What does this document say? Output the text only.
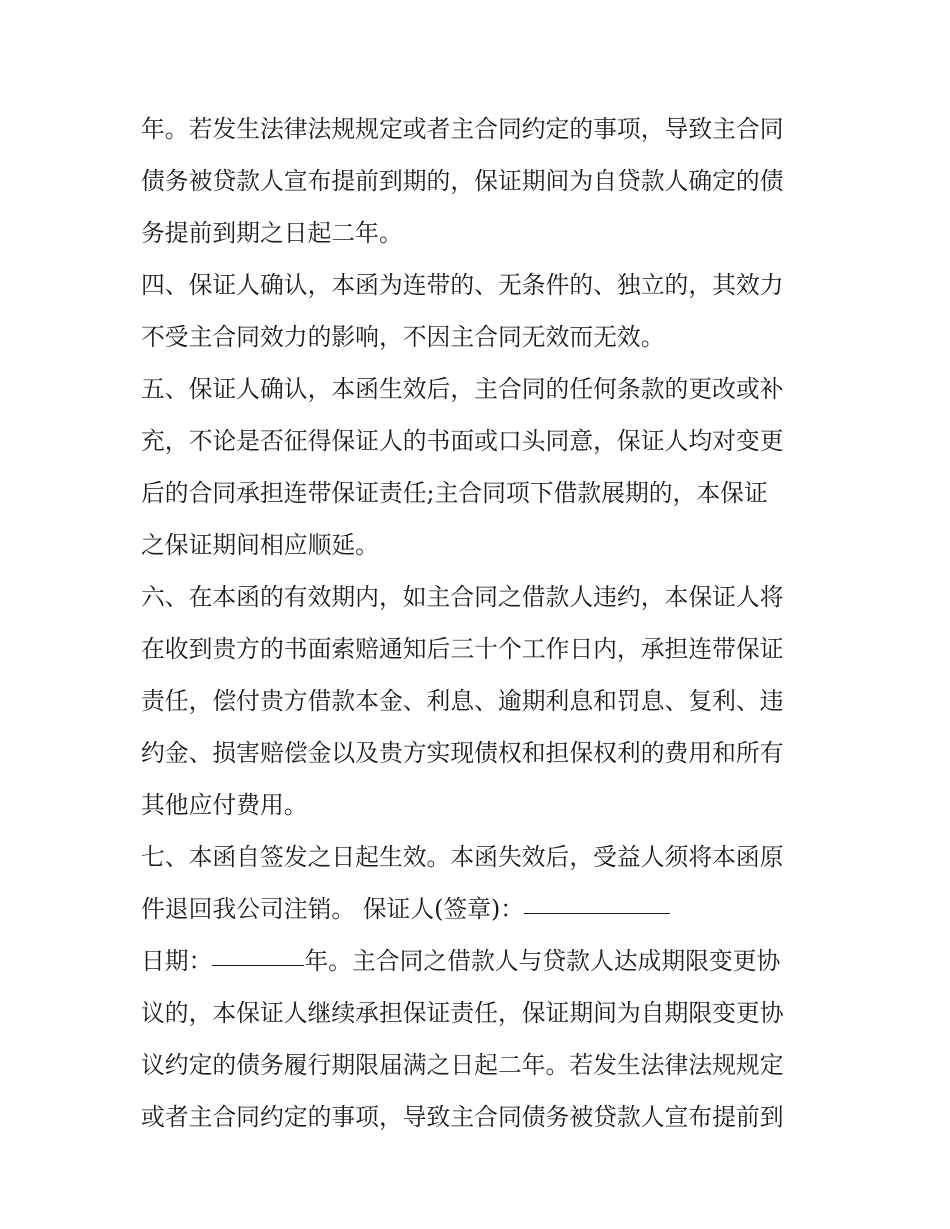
年。若发生法律法规规定或者主合同约定的事项，导致主合同
债务被贷款人宣布提前到期的，保证期间为自贷款人确定的债
务提前到期之日起二年。
四、保证人确认，本函为连带的、无条件的、独立的，其效力
不受主合同效力的影响，不因主合同无效而无效。
五、保证人确认，本函生效后，主合同的任何条款的更改或补
充，不论是否征得保证人的书面或口头同意，保证人均对变更
后的合同承担连带保证责任;主合同项下借款展期的，本保证
之保证期间相应顺延。
六、在本函的有效期内，如主合同之借款人违约，本保证人将
在收到贵方的书面索赔通知后三十个工作日内，承担连带保证
责任，偿付贵方借款本金、利息、逾期利息和罚息、复利、违
约金、损害赔偿金以及贵方实现债权和担保权利的费用和所有
其他应付费用。
七、本函自签发之日起生效。本函失效后，受益人须将本函原
件退回我公司注销。 保证人(签章)：
日期：	年。主合同之借款人与贷款人达成期限变更协
议的，本保证人继续承担保证责任，保证期间为自期限变更协
议约定的债务履行期限届满之日起二年。若发生法律法规规定
或者主合同约定的事项，导致主合同债务被贷款人宣布提前到
